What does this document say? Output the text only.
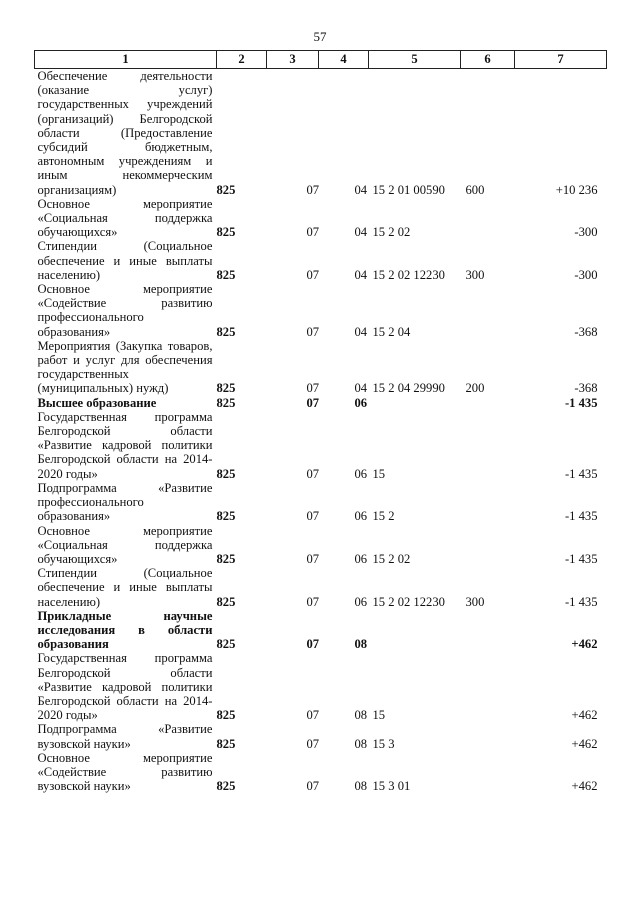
57
1	2	3	4	5	6	7
Обеспечение деятельности (оказание услуг) государственных учреждений (организаций) Белгородской области (Предоставление субсидий бюджетным, автономным учреждениям и иным некоммерческим организациям)	825	07	04	15 2 01 00590	600	+10 236
Основное мероприятие «Социальная поддержка обучающихся»	825	07	04	15 2 02		-300
Стипендии (Социальное обеспечение и иные выплаты населению)	825	07	04	15 2 02 12230	300	-300
Основное мероприятие «Содействие развитию профессионального образования»	825	07	04	15 2 04		-368
Мероприятия (Закупка товаров, работ и услуг для обеспечения государственных (муниципальных) нужд)	825	07	04	15 2 04 29990	200	-368
Высшее образование	825	07	06			-1 435
Государственная программа Белгородской области «Развитие кадровой политики Белгородской области на 2014-2020 годы»	825	07	06	15		-1 435
Подпрограмма «Развитие профессионального образования»	825	07	06	15 2		-1 435
Основное мероприятие «Социальная поддержка обучающихся»	825	07	06	15 2 02		-1 435
Стипендии (Социальное обеспечение и иные выплаты населению)	825	07	06	15 2 02 12230	300	-1 435
Прикладные научные исследования в области образования	825	07	08			+462
Государственная программа Белгородской области «Развитие кадровой политики Белгородской области на 2014-2020 годы»	825	07	08	15		+462
Подпрограмма «Развитие вузовской науки»	825	07	08	15 3		+462
Основное мероприятие «Содействие развитию вузовской науки»	825	07	08	15 3 01		+462
